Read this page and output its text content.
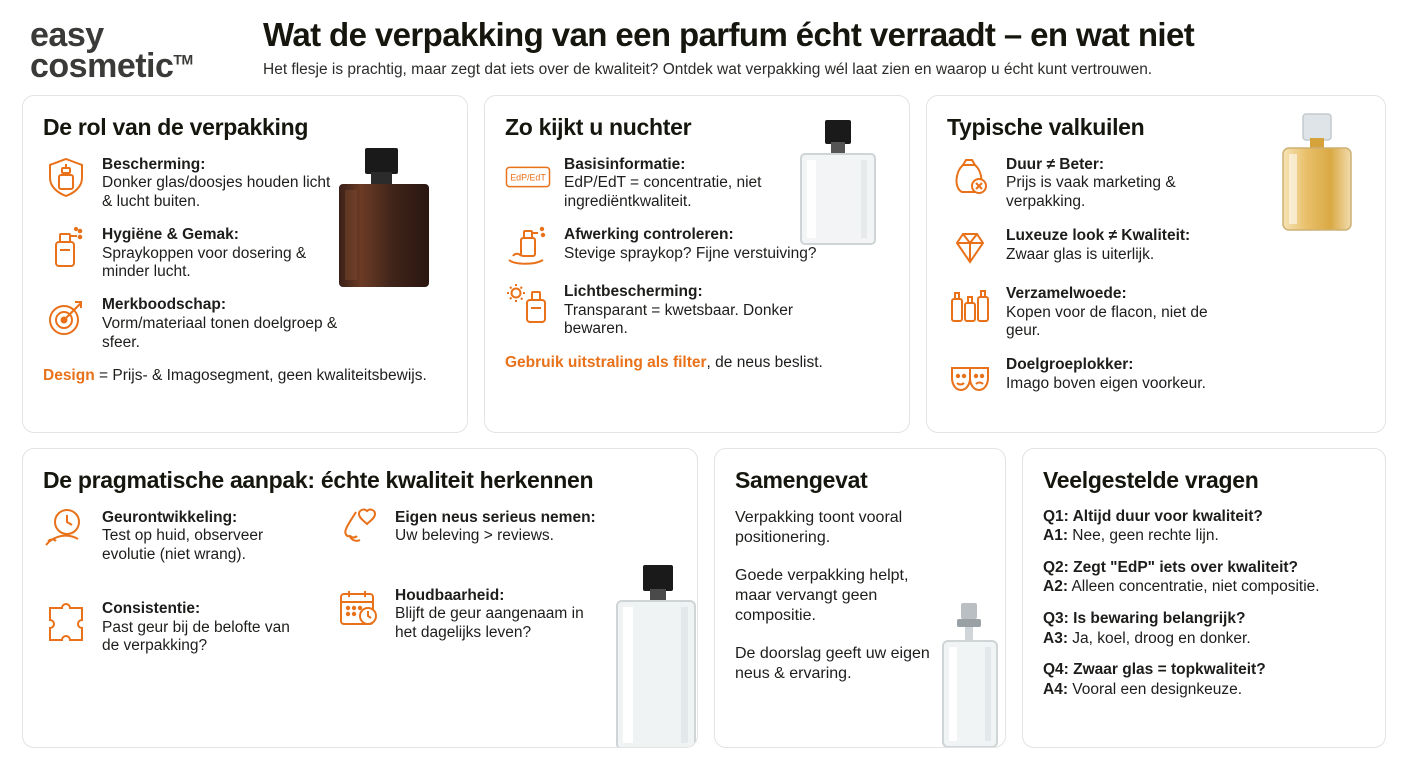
easy
cosmetic™
Wat de verpakking van een parfum écht verraadt – en wat niet

Het flesje is prachtig, maar zegt dat iets over de kwaliteit? Ontdek wat verpakking wél laat zien en waarop u écht kunt vertrouwen.

De rol van de verpakking
Bescherming:
Donker glas/doosjes houden licht & lucht buiten.
Hygiëne & Gemak:
Spraykoppen voor dosering & minder lucht.
Merkboodschap:
Vorm/materiaal tonen doelgroep & sfeer.
Design = Prijs- & Imagosegment, geen kwaliteitsbewijs.
Zo kijkt u nuchter
EdP/EdT
Basisinformatie:
EdP/EdT = concentratie, niet ingrediëntkwaliteit.
Afwerking controleren:
Stevige spraykop? Fijne verstuiving?
Lichtbescherming:
Transparant = kwetsbaar. Donker bewaren.
Gebruik uitstraling als filter, de neus beslist.
Typische valkuilen
Duur ≠ Beter:
Prijs is vaak marketing & verpakking.
Luxeuze look ≠ Kwaliteit:
Zwaar glas is uiterlijk.
Verzamelwoede:
Kopen voor de flacon, niet de geur.
Doelgroeplokker:
Imago boven eigen voorkeur.
De pragmatische aanpak: échte kwaliteit herkennen
Geurontwikkeling:
Test op huid, observeer evolutie (niet wrang).
Consistentie:
Past geur bij de belofte van de verpakking?
Eigen neus serieus nemen:
Uw beleving > reviews.
Houdbaarheid:
Blijft de geur aangenaam in het dagelijks leven?
Samengevat

Verpakking toont vooral positionering.

Goede verpakking helpt, maar vervangt geen compositie.

De doorslag geeft uw eigen neus & ervaring.

Veelgestelde vragen

Q1: Altijd duur voor kwaliteit?

A1: Nee, geen rechte lijn.

Q2: Zegt "EdP" iets over kwaliteit?

A2: Alleen concentratie, niet compositie.

Q3: Is bewaring belangrijk?

A3: Ja, koel, droog en donker.

Q4: Zwaar glas = topkwaliteit?

A4: Vooral een designkeuze.
